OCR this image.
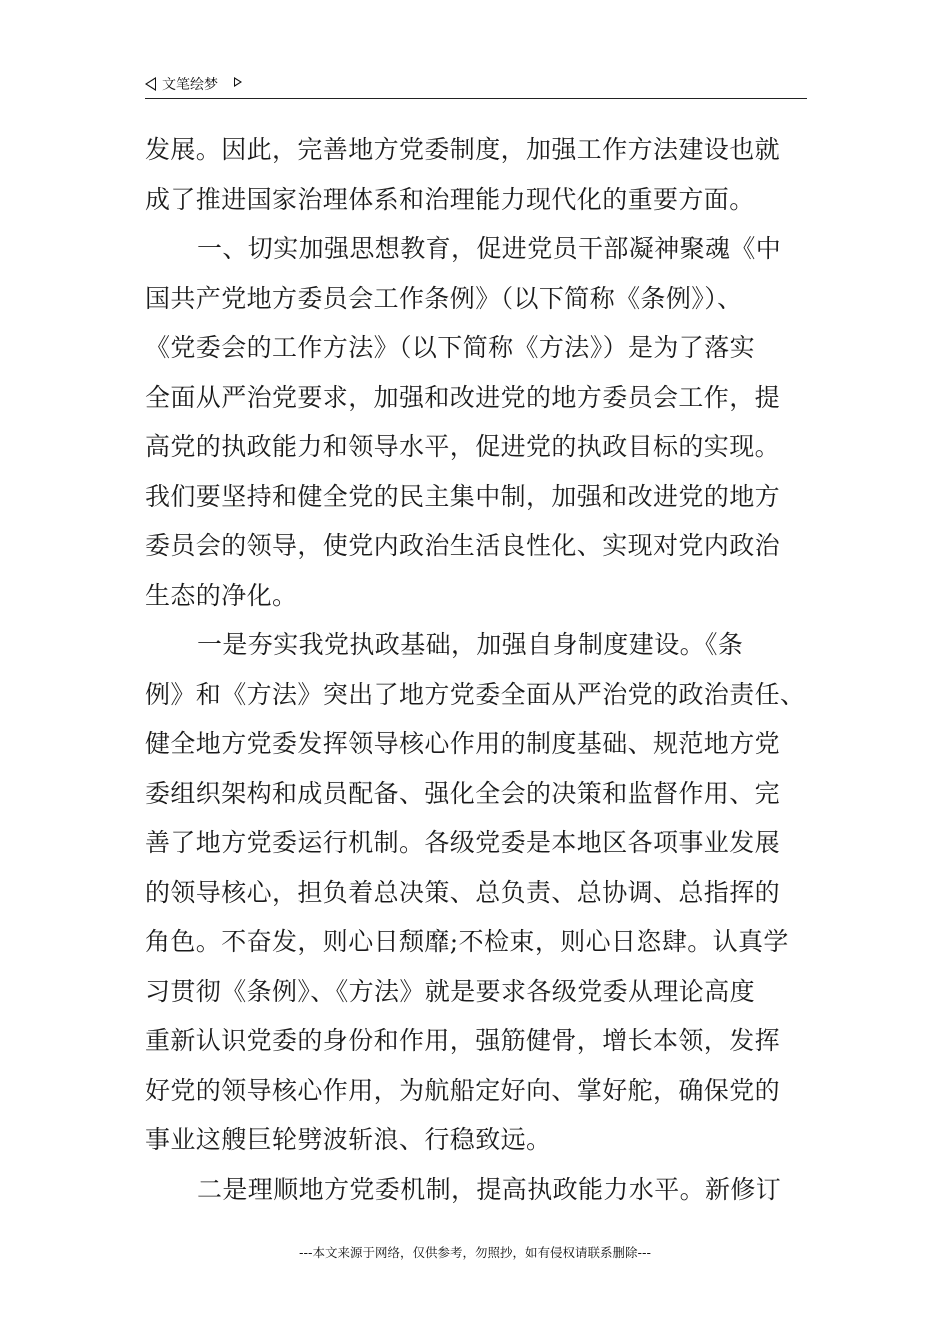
文笔绘梦
发展。因此，完善地方党委制度，加强工作方法建设也就
成了推进国家治理体系和治理能力现代化的重要方面。
一、切实加强思想教育，促进党员干部凝神聚魂《中
国共产党地方委员会工作条例》（以下简称《条例》）、
《党委会的工作方法》（以下简称《方法》）是为了落实
全面从严治党要求，加强和改进党的地方委员会工作，提
高党的执政能力和领导水平，促进党的执政目标的实现。
我们要坚持和健全党的民主集中制，加强和改进党的地方
委员会的领导，使党内政治生活良性化、实现对党内政治
生态的净化。
一是夯实我党执政基础，加强自身制度建设。《条
例》和《方法》突出了地方党委全面从严治党的政治责任、
健全地方党委发挥领导核心作用的制度基础、规范地方党
委组织架构和成员配备、强化全会的决策和监督作用、完
善了地方党委运行机制。各级党委是本地区各项事业发展
的领导核心，担负着总决策、总负责、总协调、总指挥的
角色。不奋发，则心日颓靡;不检束，则心日恣肆。认真学
习贯彻《条例》、《方法》就是要求各级党委从理论高度
重新认识党委的身份和作用，强筋健骨，增长本领，发挥
好党的领导核心作用，为航船定好向、掌好舵，确保党的
事业这艘巨轮劈波斩浪、行稳致远。
二是理顺地方党委机制，提高执政能力水平。新修订
---本文来源于网络，仅供参考，勿照抄，如有侵权请联系删除---
